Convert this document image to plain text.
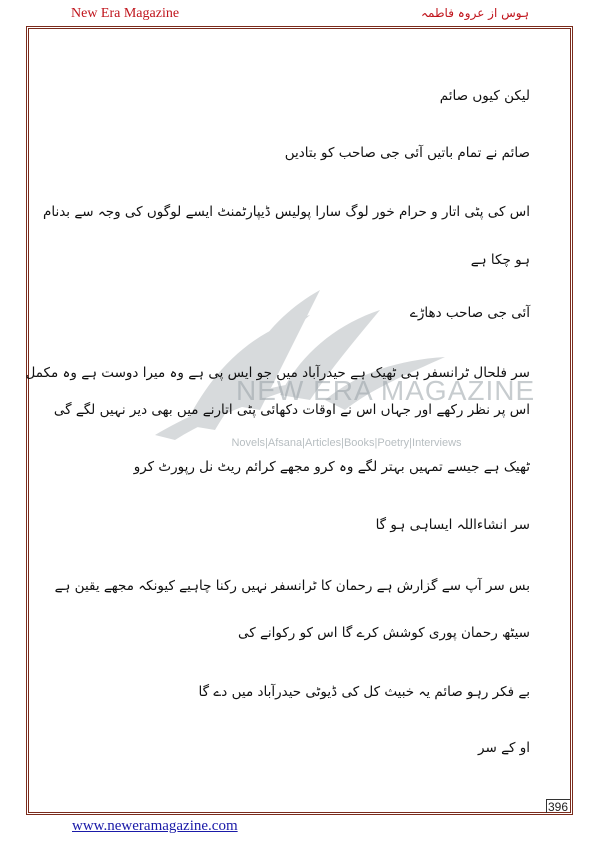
New Era Magazine	ہوس از عروہ فاطمہ
NEW ERA MAGAZINE
Novels|Afsana|Articles|Books|Poetry|Interviews
لیکن کیوں صائم
صائم نے تمام باتیں آئی جی صاحب کو بتادیں
اس کی پٹی اتار و حرام خور لوگ سارا پولیس ڈیپارٹمنٹ ایسے لوگوں کی وجہ سے بدنام
ہو چکا ہے
آئی جی صاحب دھاڑے
سر فلحال ٹرانسفر ہی ٹھیک ہے حیدرآباد میں جو ایس پی ہے وہ میرا دوست ہے وہ مکمل
اس پر نظر رکھے اور جہاں اس نے اوقات دکھائی پٹی اتارنے میں بھی دیر نہیں لگے گی
ٹھیک ہے جیسے تمہیں بہتر لگے وہ کرو مجھے کرائم ریٹ نل رپورٹ کرو
سر انشاءاللہ ایساہی ہو گا
بس سر آپ سے گزارش ہے رحمان کا ٹرانسفر نہیں رکنا چاہیے کیونکہ مجھے یقین ہے
سیٹھ رحمان پوری کوشش کرے گا اس کو رکوانے کی
بے فکر رہو صائم یہ خبیث کل کی ڈیوٹی حیدرآباد میں دے گا
او کے سر
396
www.neweramagazine.com
